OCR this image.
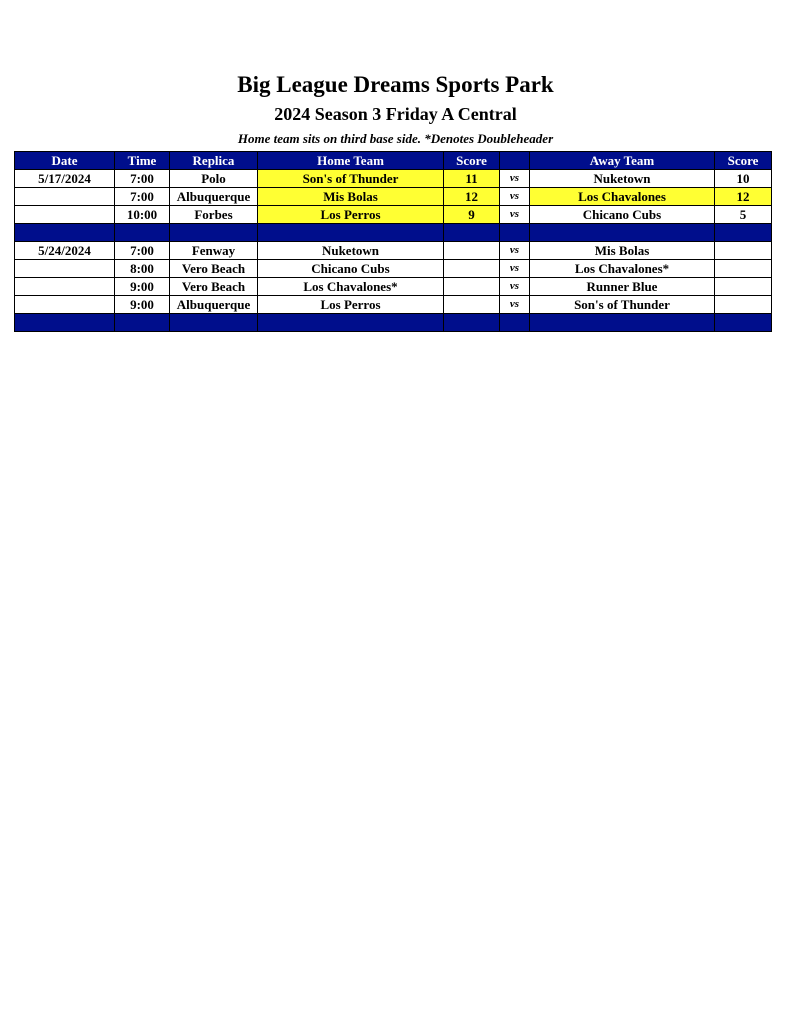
Big League Dreams Sports Park
2024 Season 3 Friday A Central

Home team sits on third base side. *Denotes Doubleheader

Date	Time	Replica	Home Team	Score		Away Team	Score
5/17/2024	7:00	Polo	Son's of Thunder	11	vs	Nuketown	10
	7:00	Albuquerque	Mis Bolas	12	vs	Los Chavalones	12
	10:00	Forbes	Los Perros	9	vs	Chicano Cubs	5

5/24/2024	7:00	Fenway	Nuketown		vs	Mis Bolas	
	8:00	Vero Beach	Chicano Cubs		vs	Los Chavalones*	
	9:00	Vero Beach	Los Chavalones*		vs	Runner Blue	
	9:00	Albuquerque	Los Perros		vs	Son's of Thunder	
